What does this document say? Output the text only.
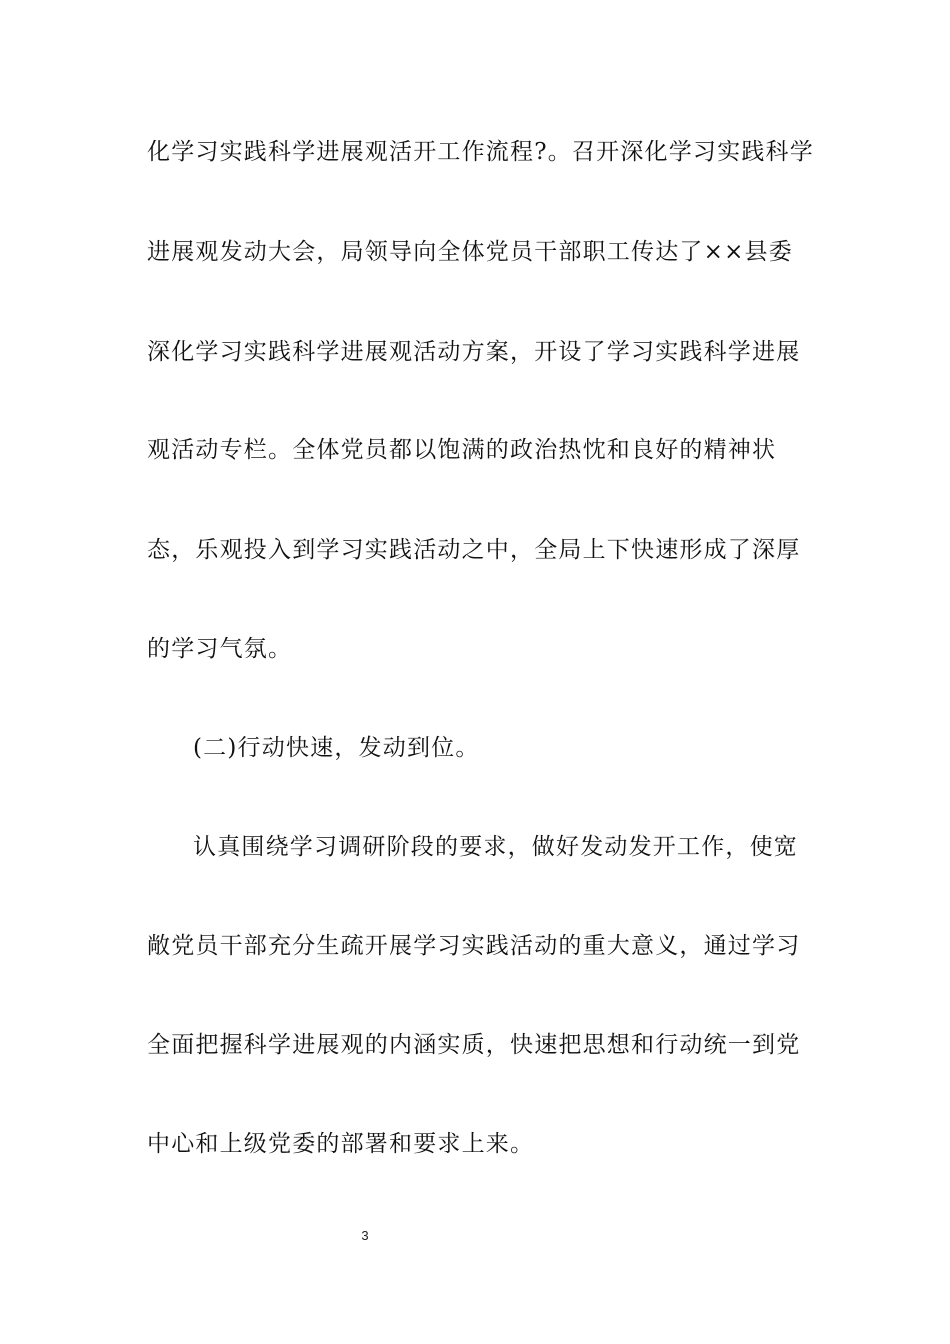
化学习实践科学进展观活开工作流程?。召开深化学习实践科学
进展观发动大会，局领导向全体党员干部职工传达了××县委
深化学习实践科学进展观活动方案，开设了学习实践科学进展
观活动专栏。全体党员都以饱满的政治热忱和良好的精神状
态，乐观投入到学习实践活动之中，全局上下快速形成了深厚
的学习气氛。
(二)行动快速，发动到位。
认真围绕学习调研阶段的要求，做好发动发开工作，使宽
敞党员干部充分生疏开展学习实践活动的重大意义，通过学习
全面把握科学进展观的内涵实质，快速把思想和行动统一到党
中心和上级党委的部署和要求上来。
3
